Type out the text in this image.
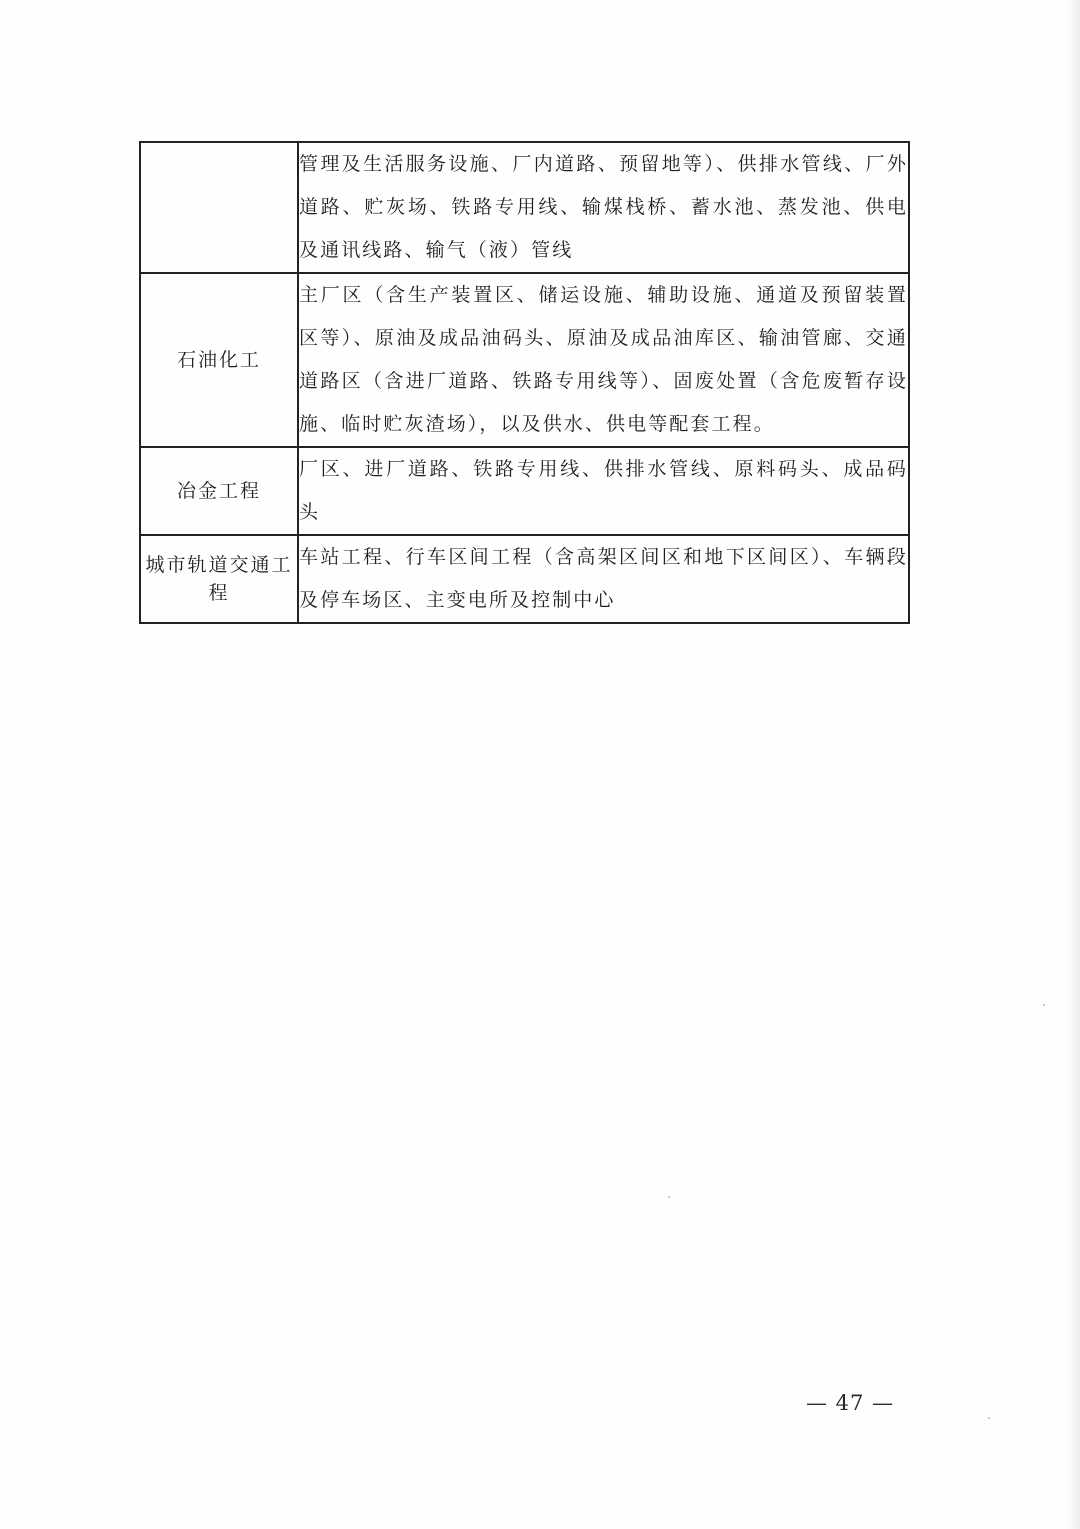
	管理及生活服务设施、厂内道路、预留地等）、供排水管线、厂外道路、贮灰场、铁路专用线、输煤栈桥、蓄水池、蒸发池、供电及通讯线路、输气（液）管线
石油化工	主厂区（含生产装置区、储运设施、辅助设施、通道及预留装置区等）、原油及成品油码头、原油及成品油库区、输油管廊、交通道路区（含进厂道路、铁路专用线等）、固废处置（含危废暂存设施、临时贮灰渣场），以及供水、供电等配套工程。
冶金工程	厂区、进厂道路、铁路专用线、供排水管线、原料码头、成品码头
城市轨道交通工程	车站工程、行车区间工程（含高架区间区和地下区间区）、车辆段及停车场区、主变电所及控制中心
— 47 —
